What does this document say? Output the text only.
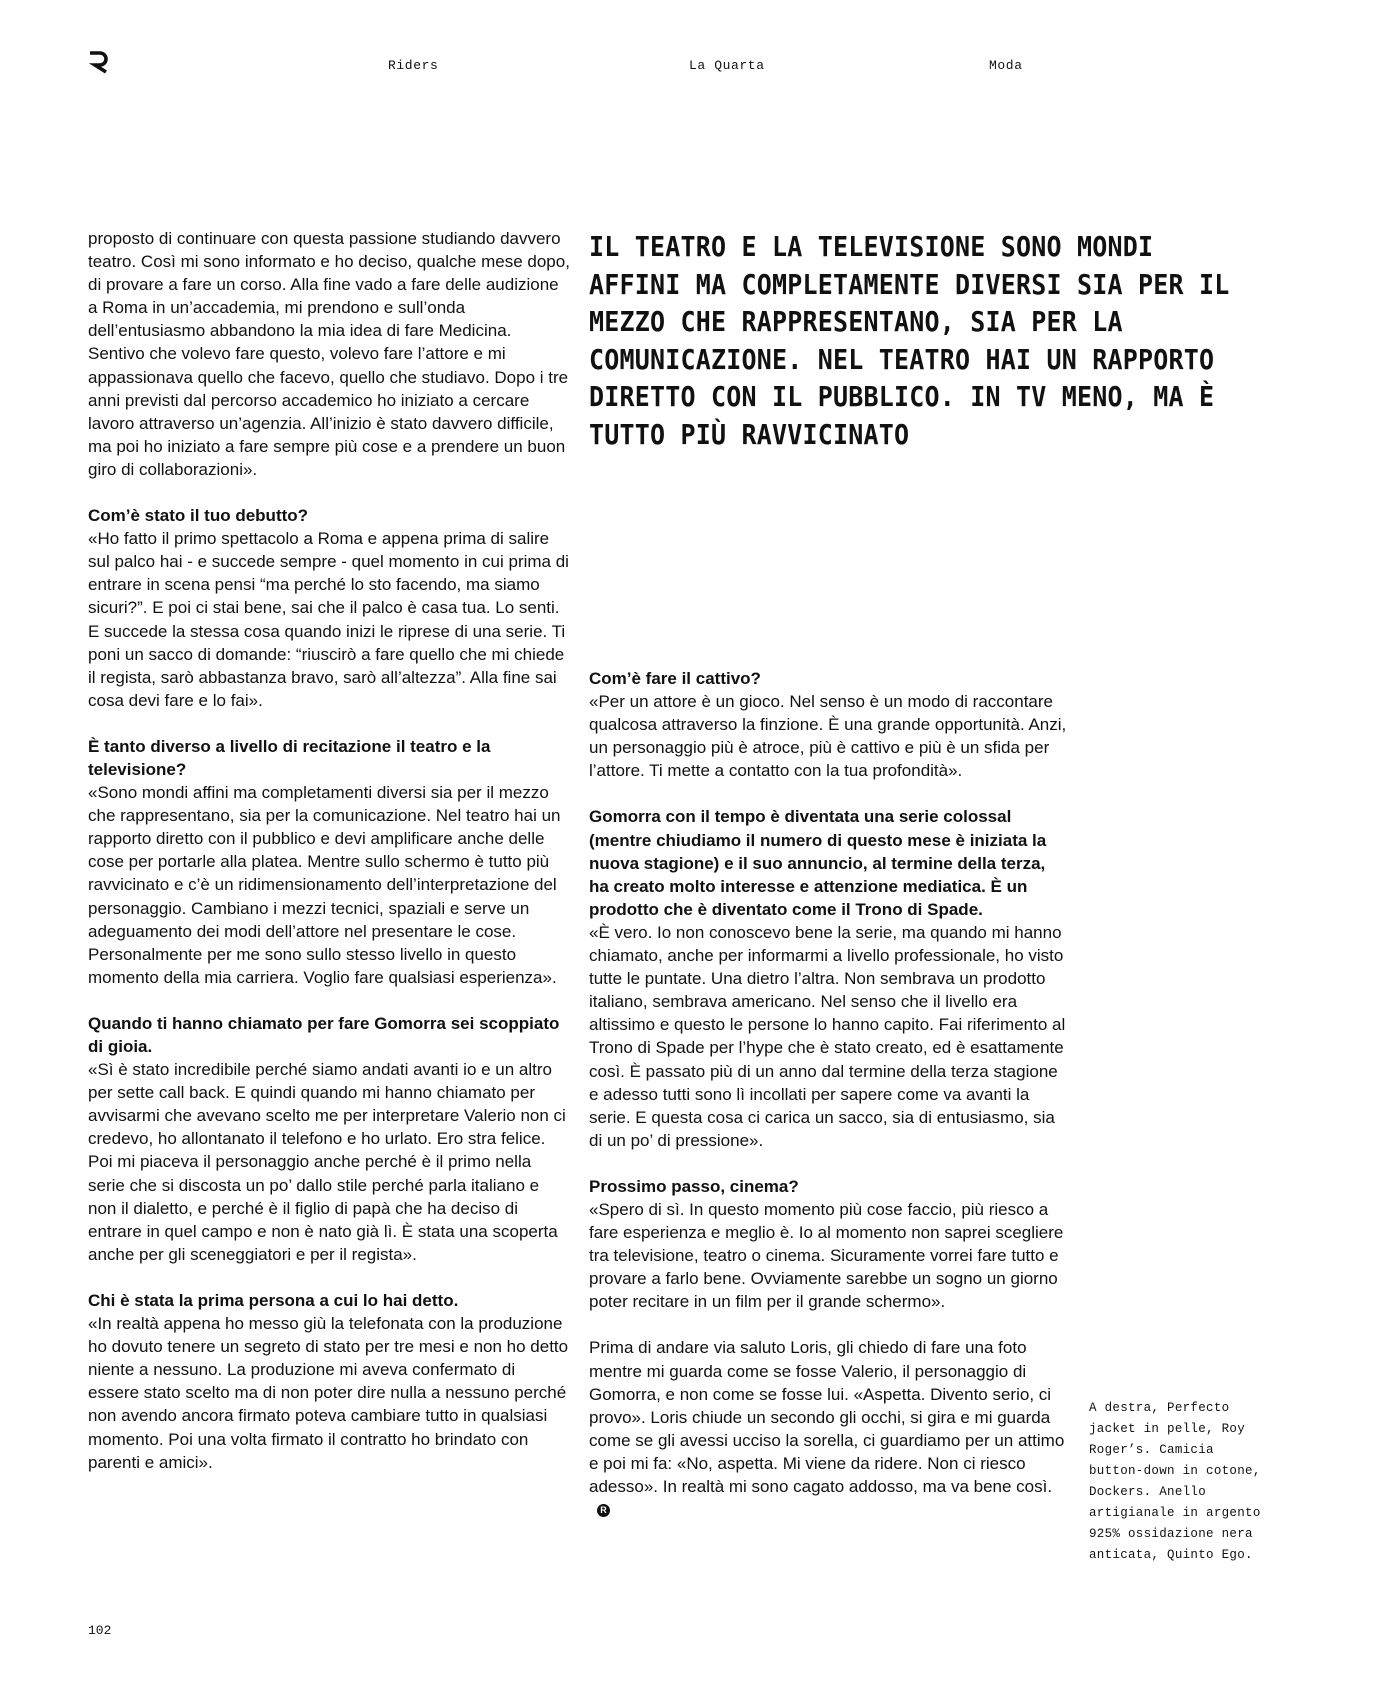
Riders	La Quarta	Moda
IL TEATRO E LA TELEVISIONE SONO MONDI AFFINI MA COMPLETAMENTE DIVERSI SIA PER IL MEZZO CHE RAPPRESENTANO, SIA PER LA COMUNICAZIONE. NEL TEATRO HAI UN RAPPORTO DIRETTO CON IL PUBBLICO. IN TV MENO, MA È TUTTO PIÙ RAVVICINATO

proposto di continuare con questa passione studiando davvero teatro. Così mi sono informato e ho deciso, qualche mese dopo, di provare a fare un corso. Alla fine vado a fare delle audizione a Roma in un’accademia, mi prendono e sull’onda dell’entusiasmo abbandono la mia idea di fare Medicina. Sentivo che volevo fare questo, volevo fare l’attore e mi appassionava quello che facevo, quello che studiavo. Dopo i tre anni previsti dal percorso accademico ho iniziato a cercare lavoro attraverso un’agenzia. All’inizio è stato davvero difficile, ma poi ho iniziato a fare sempre più cose e a prendere un buon giro di collaborazioni».

Com’è stato il tuo debutto?
«Ho fatto il primo spettacolo a Roma e appena prima di salire sul palco hai - e succede sempre - quel momento in cui prima di entrare in scena pensi “ma perché lo sto facendo, ma siamo sicuri?”. E poi ci stai bene, sai che il palco è casa tua. Lo senti. E succede la stessa cosa quando inizi le riprese di una serie. Ti poni un sacco di domande: “riuscirò a fare quello che mi chiede il regista, sarò abbastanza bravo, sarò all’altezza”. Alla fine sai cosa devi fare e lo fai».

È tanto diverso a livello di recitazione il teatro e la televisione?
«Sono mondi affini ma completamenti diversi sia per il mezzo che rappresentano, sia per la comunicazione. Nel teatro hai un rapporto diretto con il pubblico e devi amplificare anche delle cose per portarle alla platea. Mentre sullo schermo è tutto più ravvicinato e c’è un ridimensionamento dell’interpretazione del personaggio. Cambiano i mezzi tecnici, spaziali e serve un adeguamento dei modi dell’attore nel presentare le cose. Personalmente per me sono sullo stesso livello in questo momento della mia carriera. Voglio fare qualsiasi esperienza».

Quando ti hanno chiamato per fare Gomorra sei scoppiato di gioia.
«Sì è stato incredibile perché siamo andati avanti io e un altro per sette call back. E quindi quando mi hanno chiamato per avvisarmi che avevano scelto me per interpretare Valerio non ci credevo, ho allontanato il telefono e ho urlato. Ero stra felice. Poi mi piaceva il personaggio anche perché è il primo nella serie che si discosta un po’ dallo stile perché parla italiano e non il dialetto, e perché è il figlio di papà che ha deciso di entrare in quel campo e non è nato già lì. È stata una scoperta anche per gli sceneggiatori e per il regista».

Chi è stata la prima persona a cui lo hai detto.
«In realtà appena ho messo giù la telefonata con la produzione ho dovuto tenere un segreto di stato per tre mesi e non ho detto niente a nessuno. La produzione mi aveva confermato di essere stato scelto ma di non poter dire nulla a nessuno perché non avendo ancora firmato poteva cambiare tutto in qualsiasi momento. Poi una volta firmato il contratto ho brindato con parenti e amici».

Com’è fare il cattivo?
«Per un attore è un gioco. Nel senso è un modo di raccontare qualcosa attraverso la finzione. È una grande opportunità. Anzi, un personaggio più è atroce, più è cattivo e più è un sfida per l’attore. Ti mette a contatto con la tua profondità».

Gomorra con il tempo è diventata una serie colossal (mentre chiudiamo il numero di questo mese è iniziata la nuova stagione) e il suo annuncio, al termine della terza, ha creato molto interesse e attenzione mediatica. È un prodotto che è diventato come il Trono di Spade.
«È vero. Io non conoscevo bene la serie, ma quando mi hanno chiamato, anche per informarmi a livello professionale, ho visto tutte le puntate. Una dietro l’altra. Non sembrava un prodotto italiano, sembrava americano. Nel senso che il livello era altissimo e questo le persone lo hanno capito. Fai riferimento al Trono di Spade per l’hype che è stato creato, ed è esattamente così. È passato più di un anno dal termine della terza stagione e adesso tutti sono lì incollati per sapere come va avanti la serie. E questa cosa ci carica un sacco, sia di entusiasmo, sia di un po’ di pressione».

Prossimo passo, cinema?
«Spero di sì. In questo momento più cose faccio, più riesco a fare esperienza e meglio è. Io al momento non saprei scegliere tra televisione, teatro o cinema. Sicuramente vorrei fare tutto e provare a farlo bene. Ovviamente sarebbe un sogno un giorno poter recitare in un film per il grande schermo».

Prima di andare via saluto Loris, gli chiedo di fare una foto mentre mi guarda come se fosse Valerio, il personaggio di Gomorra, e non come se fosse lui. «Aspetta. Divento serio, ci provo». Loris chiude un secondo gli occhi, si gira e mi guarda come se gli avessi ucciso la sorella, ci guardiamo per un attimo e poi mi fa: «No, aspetta. Mi viene da ridere. Non ci riesco adesso». In realtà mi sono cagato addosso, ma va bene così.R

A destra, Perfecto jacket in pelle, Roy Roger’s. Camicia button-down in cotone, Dockers. Anello artigianale in argento 925% ossidazione nera anticata, Quinto Ego.
102
